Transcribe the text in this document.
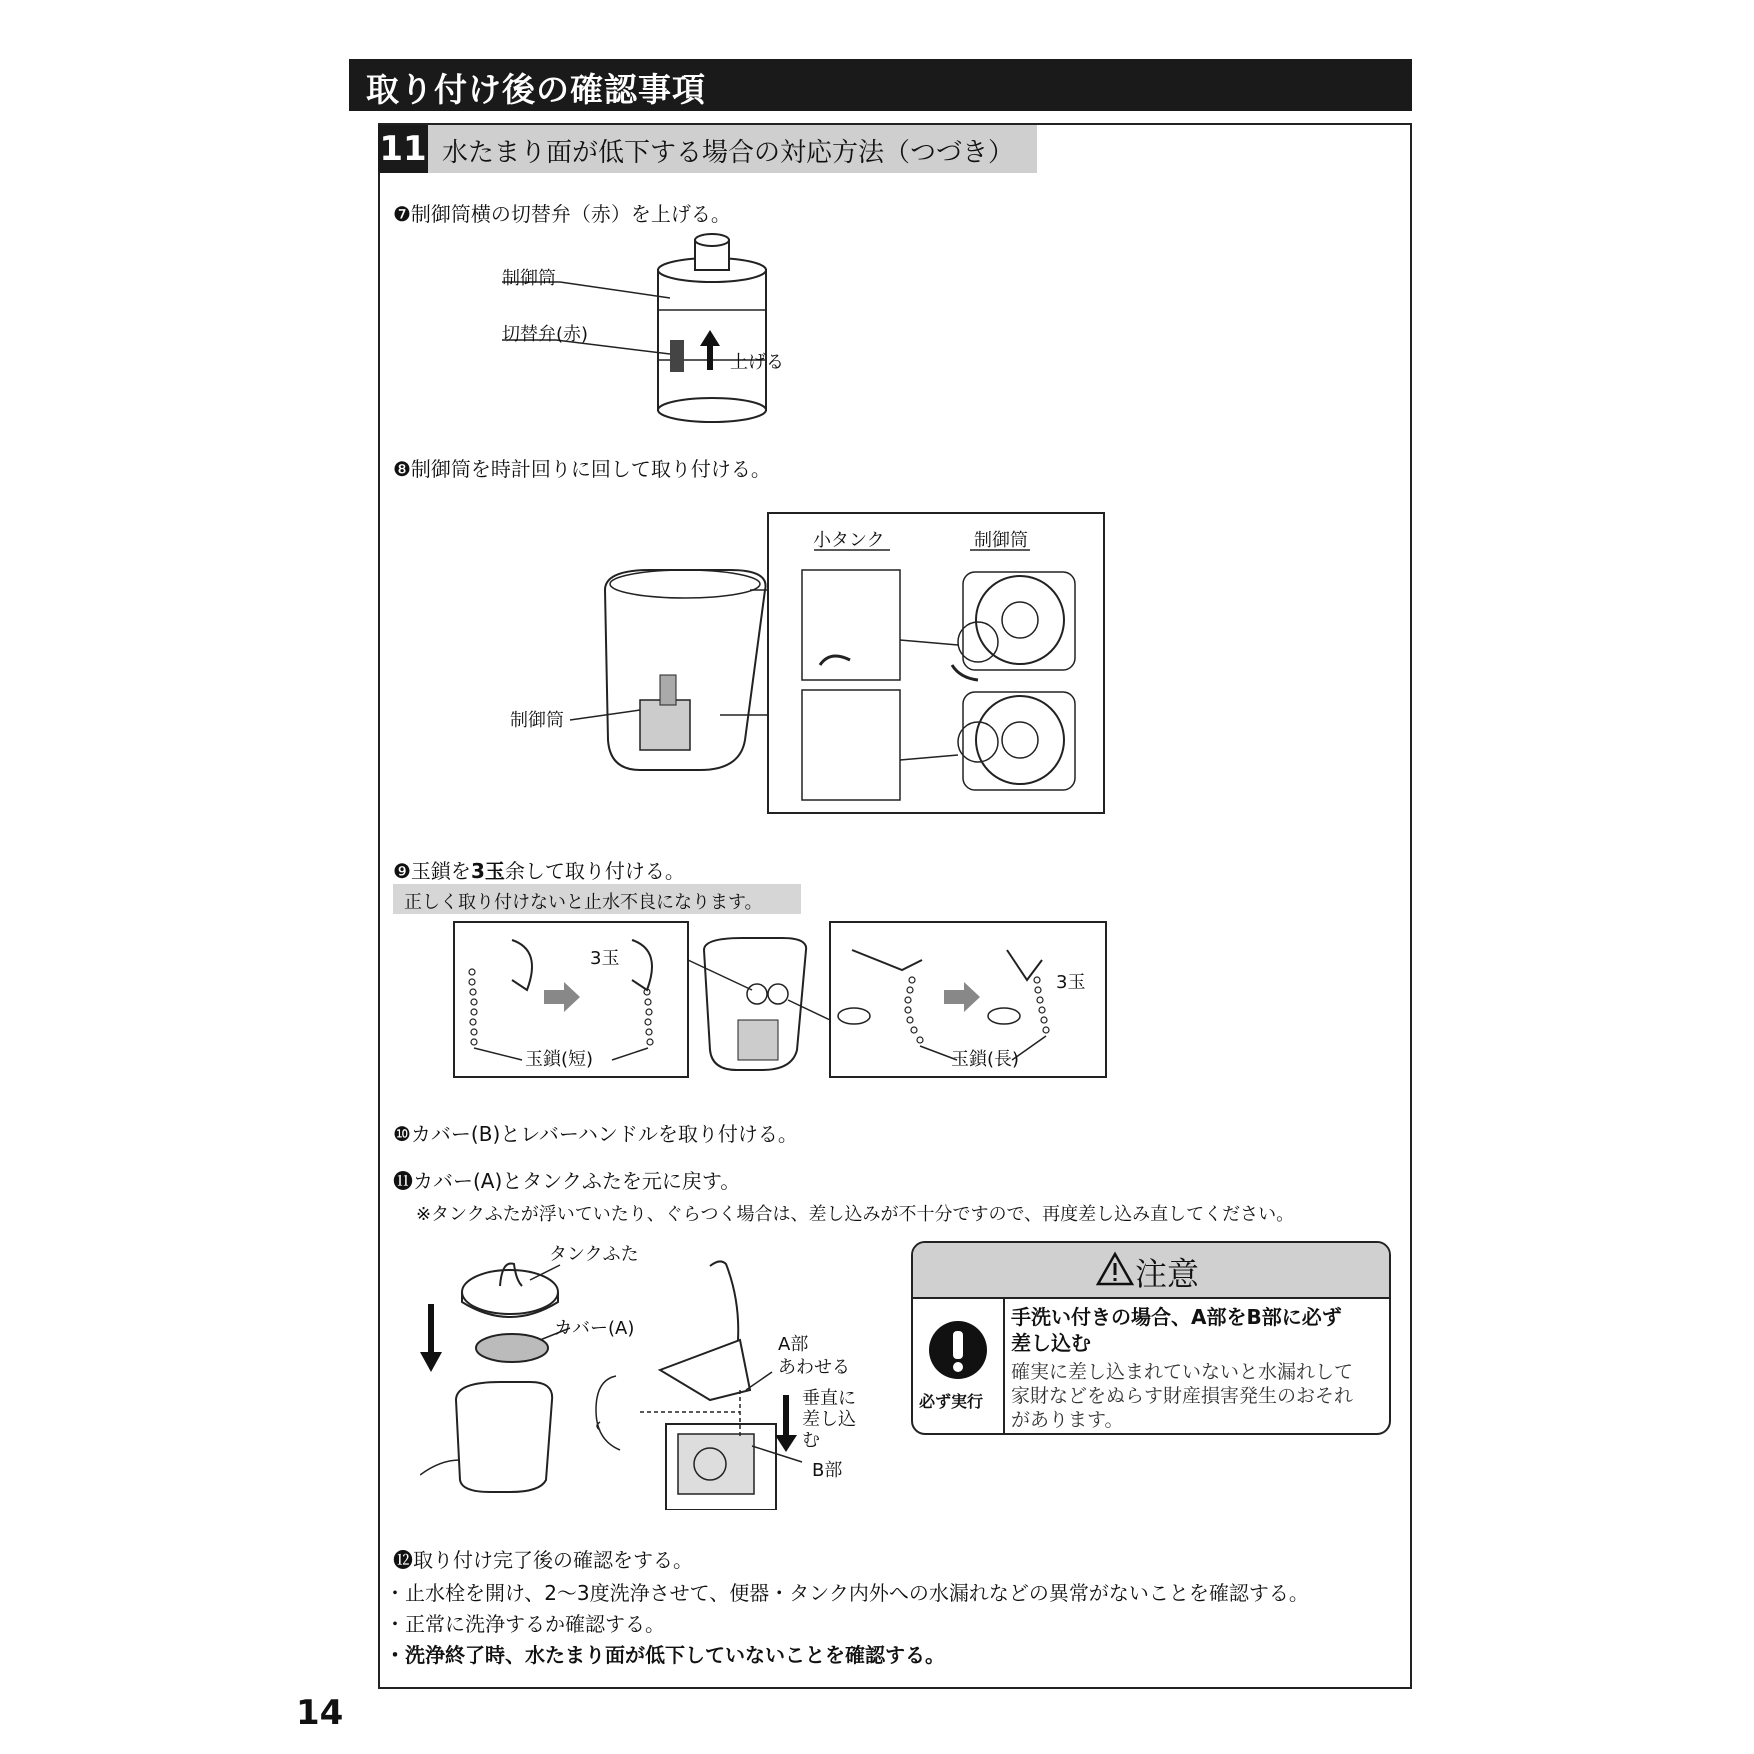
取り付け後の確認事項
11 水たまり面が低下する場合の対応方法（つづき）
❼制御筒横の切替弁（赤）を上げる。
制御筒
切替弁(赤)
上げる
❽制御筒を時計回りに回して取り付ける。
制御筒
小タンク	制御筒
❾玉鎖を3玉余して取り付ける。
正しく取り付けないと止水不良になります。
3玉
玉鎖(短)
3玉
玉鎖(長)
❿カバー(B)とレバーハンドルを取り付ける。
⓫カバー(A)とタンクふたを元に戻す。
※タンクふたが浮いていたり、ぐらつく場合は、差し込みが不十分ですので、再度差し込み直してください。
タンクふた
カバー(A)
A部
あわせる
垂直に
差し込
む
B部
注意
必ず実行
手洗い付きの場合、A部をB部に必ず
差し込む
確実に差し込まれていないと水漏れして
家財などをぬらす財産損害発生のおそれ
があります。
⓬取り付け完了後の確認をする。
・止水栓を開け、2～3度洗浄させて、便器・タンク内外への水漏れなどの異常がないことを確認する。
・正常に洗浄するか確認する。
・洗浄終了時、水たまり面が低下していないことを確認する。
14
